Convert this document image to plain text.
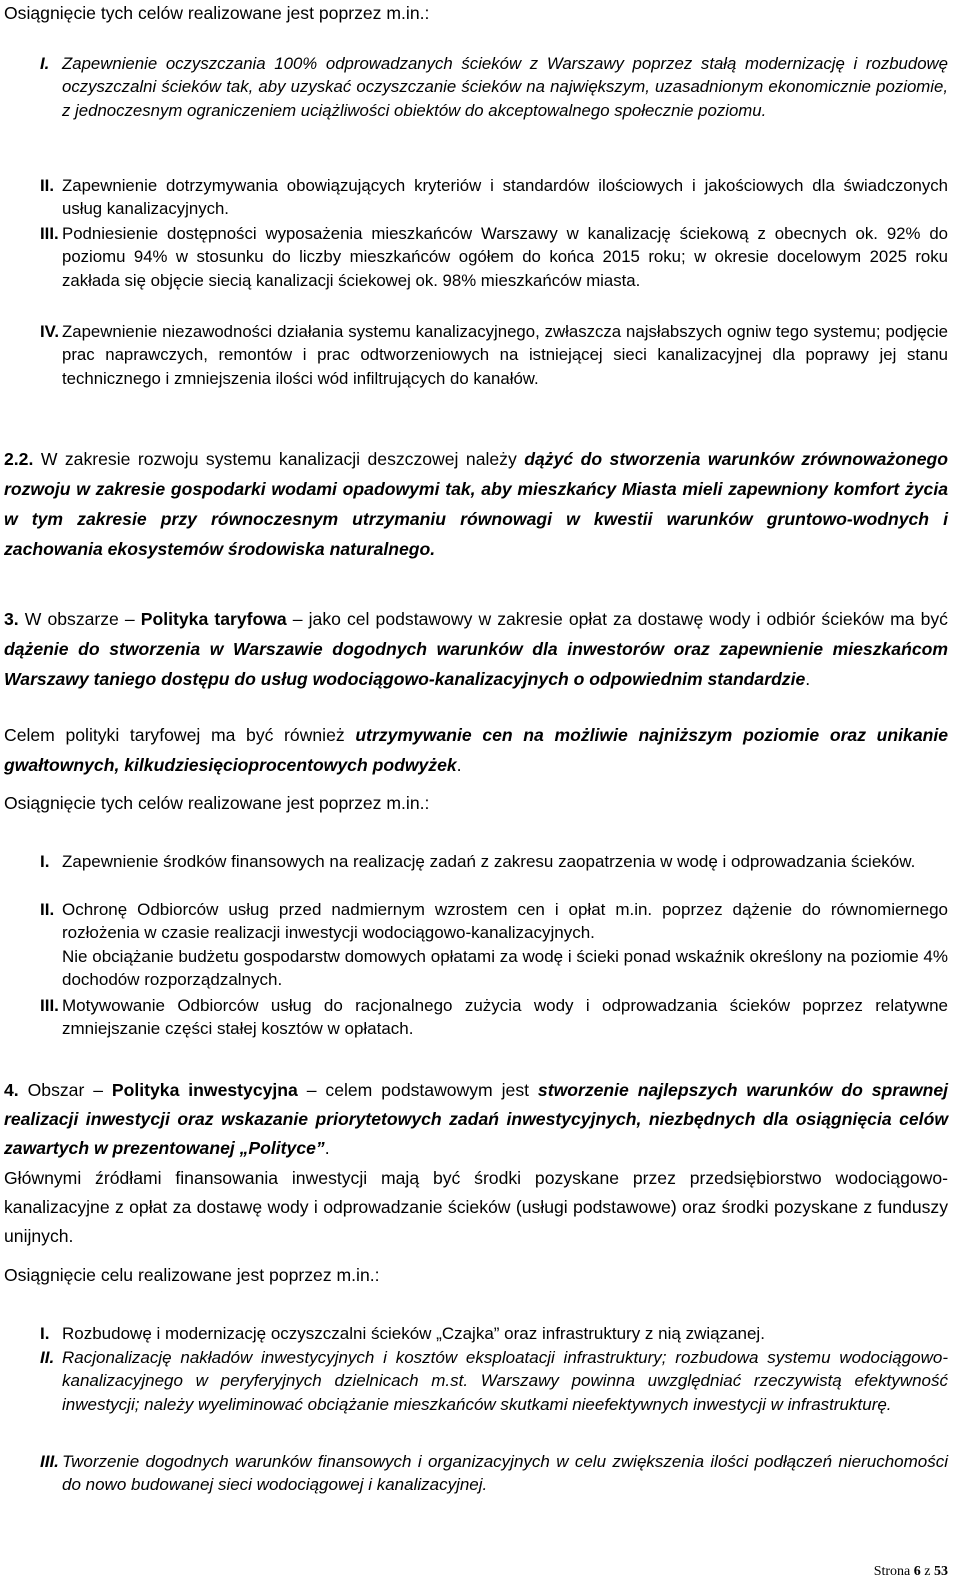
Osiągnięcie tych celów realizowane jest poprzez m.in.:

I. Zapewnienie oczyszczania 100% odprowadzanych ścieków z Warszawy poprzez stałą modernizację i rozbudowę oczyszczalni ścieków tak, aby uzyskać oczyszczanie ścieków na największym, uzasadnionym ekonomicznie poziomie, z jednoczesnym ograniczeniem uciążliwości obiektów do akceptowalnego społecznie poziomu.
II. Zapewnienie dotrzymywania obowiązujących kryteriów i standardów ilościowych i jakościowych dla świadczonych usług kanalizacyjnych.
III. Podniesienie dostępności wyposażenia mieszkańców Warszawy w kanalizację ściekową z obecnych ok. 92% do poziomu 94% w stosunku do liczby mieszkańców ogółem do końca 2015 roku; w okresie docelowym 2025 roku zakłada się objęcie siecią kanalizacji ściekowej ok. 98% mieszkańców miasta.
IV. Zapewnienie niezawodności działania systemu kanalizacyjnego, zwłaszcza najsłabszych ogniw tego systemu; podjęcie prac naprawczych, remontów i prac odtworzeniowych na istniejącej sieci kanalizacyjnej dla poprawy jej stanu technicznego i zmniejszenia ilości wód infiltrujących do kanałów.

2.2. W zakresie rozwoju systemu kanalizacji deszczowej należy dążyć do stworzenia warunków zrównoważonego rozwoju w zakresie gospodarki wodami opadowymi tak, aby mieszkańcy Miasta mieli zapewniony komfort życia w tym zakresie przy równoczesnym utrzymaniu równowagi w kwestii warunków gruntowo-wodnych i zachowania ekosystemów środowiska naturalnego.

3. W obszarze – Polityka taryfowa – jako cel podstawowy w zakresie opłat za dostawę wody i odbiór ścieków ma być dążenie do stworzenia w Warszawie dogodnych warunków dla inwestorów oraz zapewnienie mieszkańcom Warszawy taniego dostępu do usług wodociągowo-kanalizacyjnych o odpowiednim standardzie.

Celem polityki taryfowej ma być również utrzymywanie cen na możliwie najniższym poziomie oraz unikanie gwałtownych, kilkudziesięcioprocentowych podwyżek.

Osiągnięcie tych celów realizowane jest poprzez m.in.:

I. Zapewnienie środków finansowych na realizację zadań z zakresu zaopatrzenia w wodę i odprowadzania ścieków.
II. Ochronę Odbiorców usług przed nadmiernym wzrostem cen i opłat m.in. poprzez dążenie do równomiernego rozłożenia w czasie realizacji inwestycji wodociągowo-kanalizacyjnych.
Nie obciążanie budżetu gospodarstw domowych opłatami za wodę i ścieki ponad wskaźnik określony na poziomie 4% dochodów rozporządzalnych.
III. Motywowanie Odbiorców usług do racjonalnego zużycia wody i odprowadzania ścieków poprzez relatywne zmniejszanie części stałej kosztów w opłatach.

4. Obszar – Polityka inwestycyjna – celem podstawowym jest stworzenie najlepszych warunków do sprawnej realizacji inwestycji oraz wskazanie priorytetowych zadań inwestycyjnych, niezbędnych dla osiągnięcia celów zawartych w prezentowanej „Polityce”.

Głównymi źródłami finansowania inwestycji mają być środki pozyskane przez przedsiębiorstwo wodociągowo-kanalizacyjne z opłat za dostawę wody i odprowadzanie ścieków (usługi podstawowe) oraz środki pozyskane z funduszy unijnych.

Osiągnięcie celu realizowane jest poprzez m.in.:

I. Rozbudowę i modernizację oczyszczalni ścieków „Czajka” oraz infrastruktury z nią związanej.
II. Racjonalizację nakładów inwestycyjnych i kosztów eksploatacji infrastruktury; rozbudowa systemu wodociągowo-kanalizacyjnego w peryferyjnych dzielnicach m.st. Warszawy powinna uwzględniać rzeczywistą efektywność inwestycji; należy wyeliminować obciążanie mieszkańców skutkami nieefektywnych inwestycji w infrastrukturę.
III. Tworzenie dogodnych warunków finansowych i organizacyjnych w celu zwiększenia ilości podłączeń nieruchomości do nowo budowanej sieci wodociągowej i kanalizacyjnej.
Strona 6 z 53
